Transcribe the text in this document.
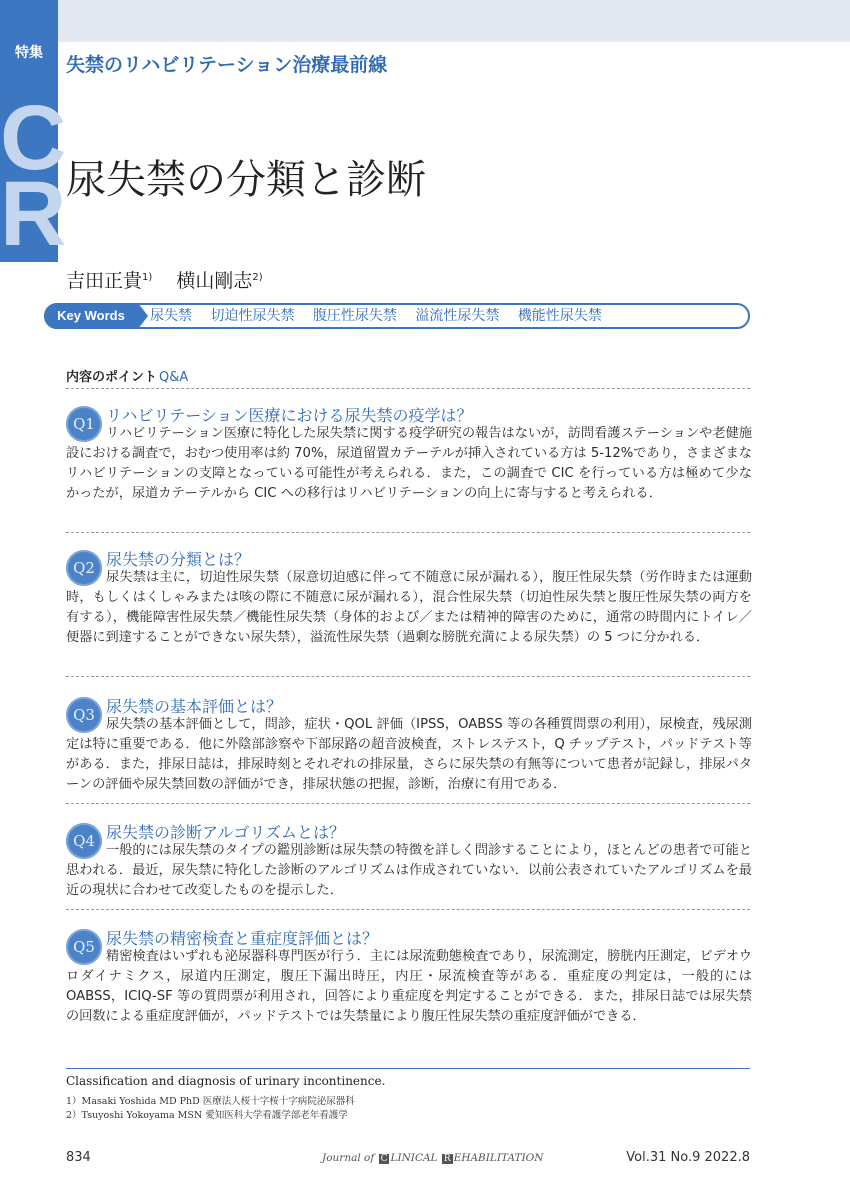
特集
C
R
失禁のリハビリテーション治療最前線
尿失禁の分類と診断
吉田正貴$^{1)}$ 横山剛志$^{2)}$
Key Words	尿失禁 切迫性尿失禁 腹圧性尿失禁 溢流性尿失禁 機能性尿失禁
内容のポイント Q&A
Q1 リハビリテーション医療における尿失禁の疫学は？
リハビリテーション医療に特化した尿失禁に関する疫学研究の報告はないが，訪問看護ステーションや老健施設における調査で，おむつ使用率は約 70%，尿道留置カテーテルが挿入されている方は 5-12%であり，さまざまなリハビリテーションの支障となっている可能性が考えられる．また，この調査で CIC を行っている方は極めて少なかったが，尿道カテーテルから CIC への移行はリハビリテーションの向上に寄与すると考えられる．
Q2 尿失禁の分類とは？
尿失禁は主に，切迫性尿失禁（尿意切迫感に伴って不随意に尿が漏れる），腹圧性尿失禁（労作時または運動時，もしくはくしゃみまたは咳の際に不随意に尿が漏れる），混合性尿失禁（切迫性尿失禁と腹圧性尿失禁の両方を有する），機能障害性尿失禁／機能性尿失禁（身体的および／または精神的障害のために，通常の時間内にトイレ／便器に到達することができない尿失禁），溢流性尿失禁（過剰な膀胱充満による尿失禁）の 5 つに分かれる．
Q3 尿失禁の基本評価とは？
尿失禁の基本評価として，問診，症状・QOL 評価（IPSS，OABSS 等の各種質問票の利用），尿検査，残尿測定は特に重要である．他に外陰部診察や下部尿路の超音波検査，ストレステスト，Q チップテスト，パッドテスト等がある．また，排尿日誌は，排尿時刻とそれぞれの排尿量，さらに尿失禁の有無等について患者が記録し，排尿パターンの評価や尿失禁回数の評価ができ，排尿状態の把握，診断，治療に有用である．
Q4 尿失禁の診断アルゴリズムとは？
一般的には尿失禁のタイプの鑑別診断は尿失禁の特徴を詳しく問診することにより，ほとんどの患者で可能と思われる．最近，尿失禁に特化した診断のアルゴリズムは作成されていない．以前公表されていたアルゴリズムを最近の現状に合わせて改変したものを提示した．
Q5 尿失禁の精密検査と重症度評価とは？
精密検査はいずれも泌尿器科専門医が行う．主には尿流動態検査であり，尿流測定，膀胱内圧測定，ビデオウロダイナミクス，尿道内圧測定，腹圧下漏出時圧，内圧・尿流検査等がある．重症度の判定は，一般的には OABSS，ICIQ-SF 等の質問票が利用され，回答により重症度を判定することができる．また，排尿日誌では尿失禁の回数による重症度評価が，パッドテストでは失禁量により腹圧性尿失禁の重症度評価ができる．
Classification and diagnosis of urinary incontinence.
1）Masaki Yoshida MD PhD 医療法人桜十字桜十字病院泌尿器科
2）Tsuyoshi Yokoyama MSN 愛知医科大学看護学部老年看護学
834	Journal of C LINICAL R EHABILITATION	Vol.31 No.9 2022.8
